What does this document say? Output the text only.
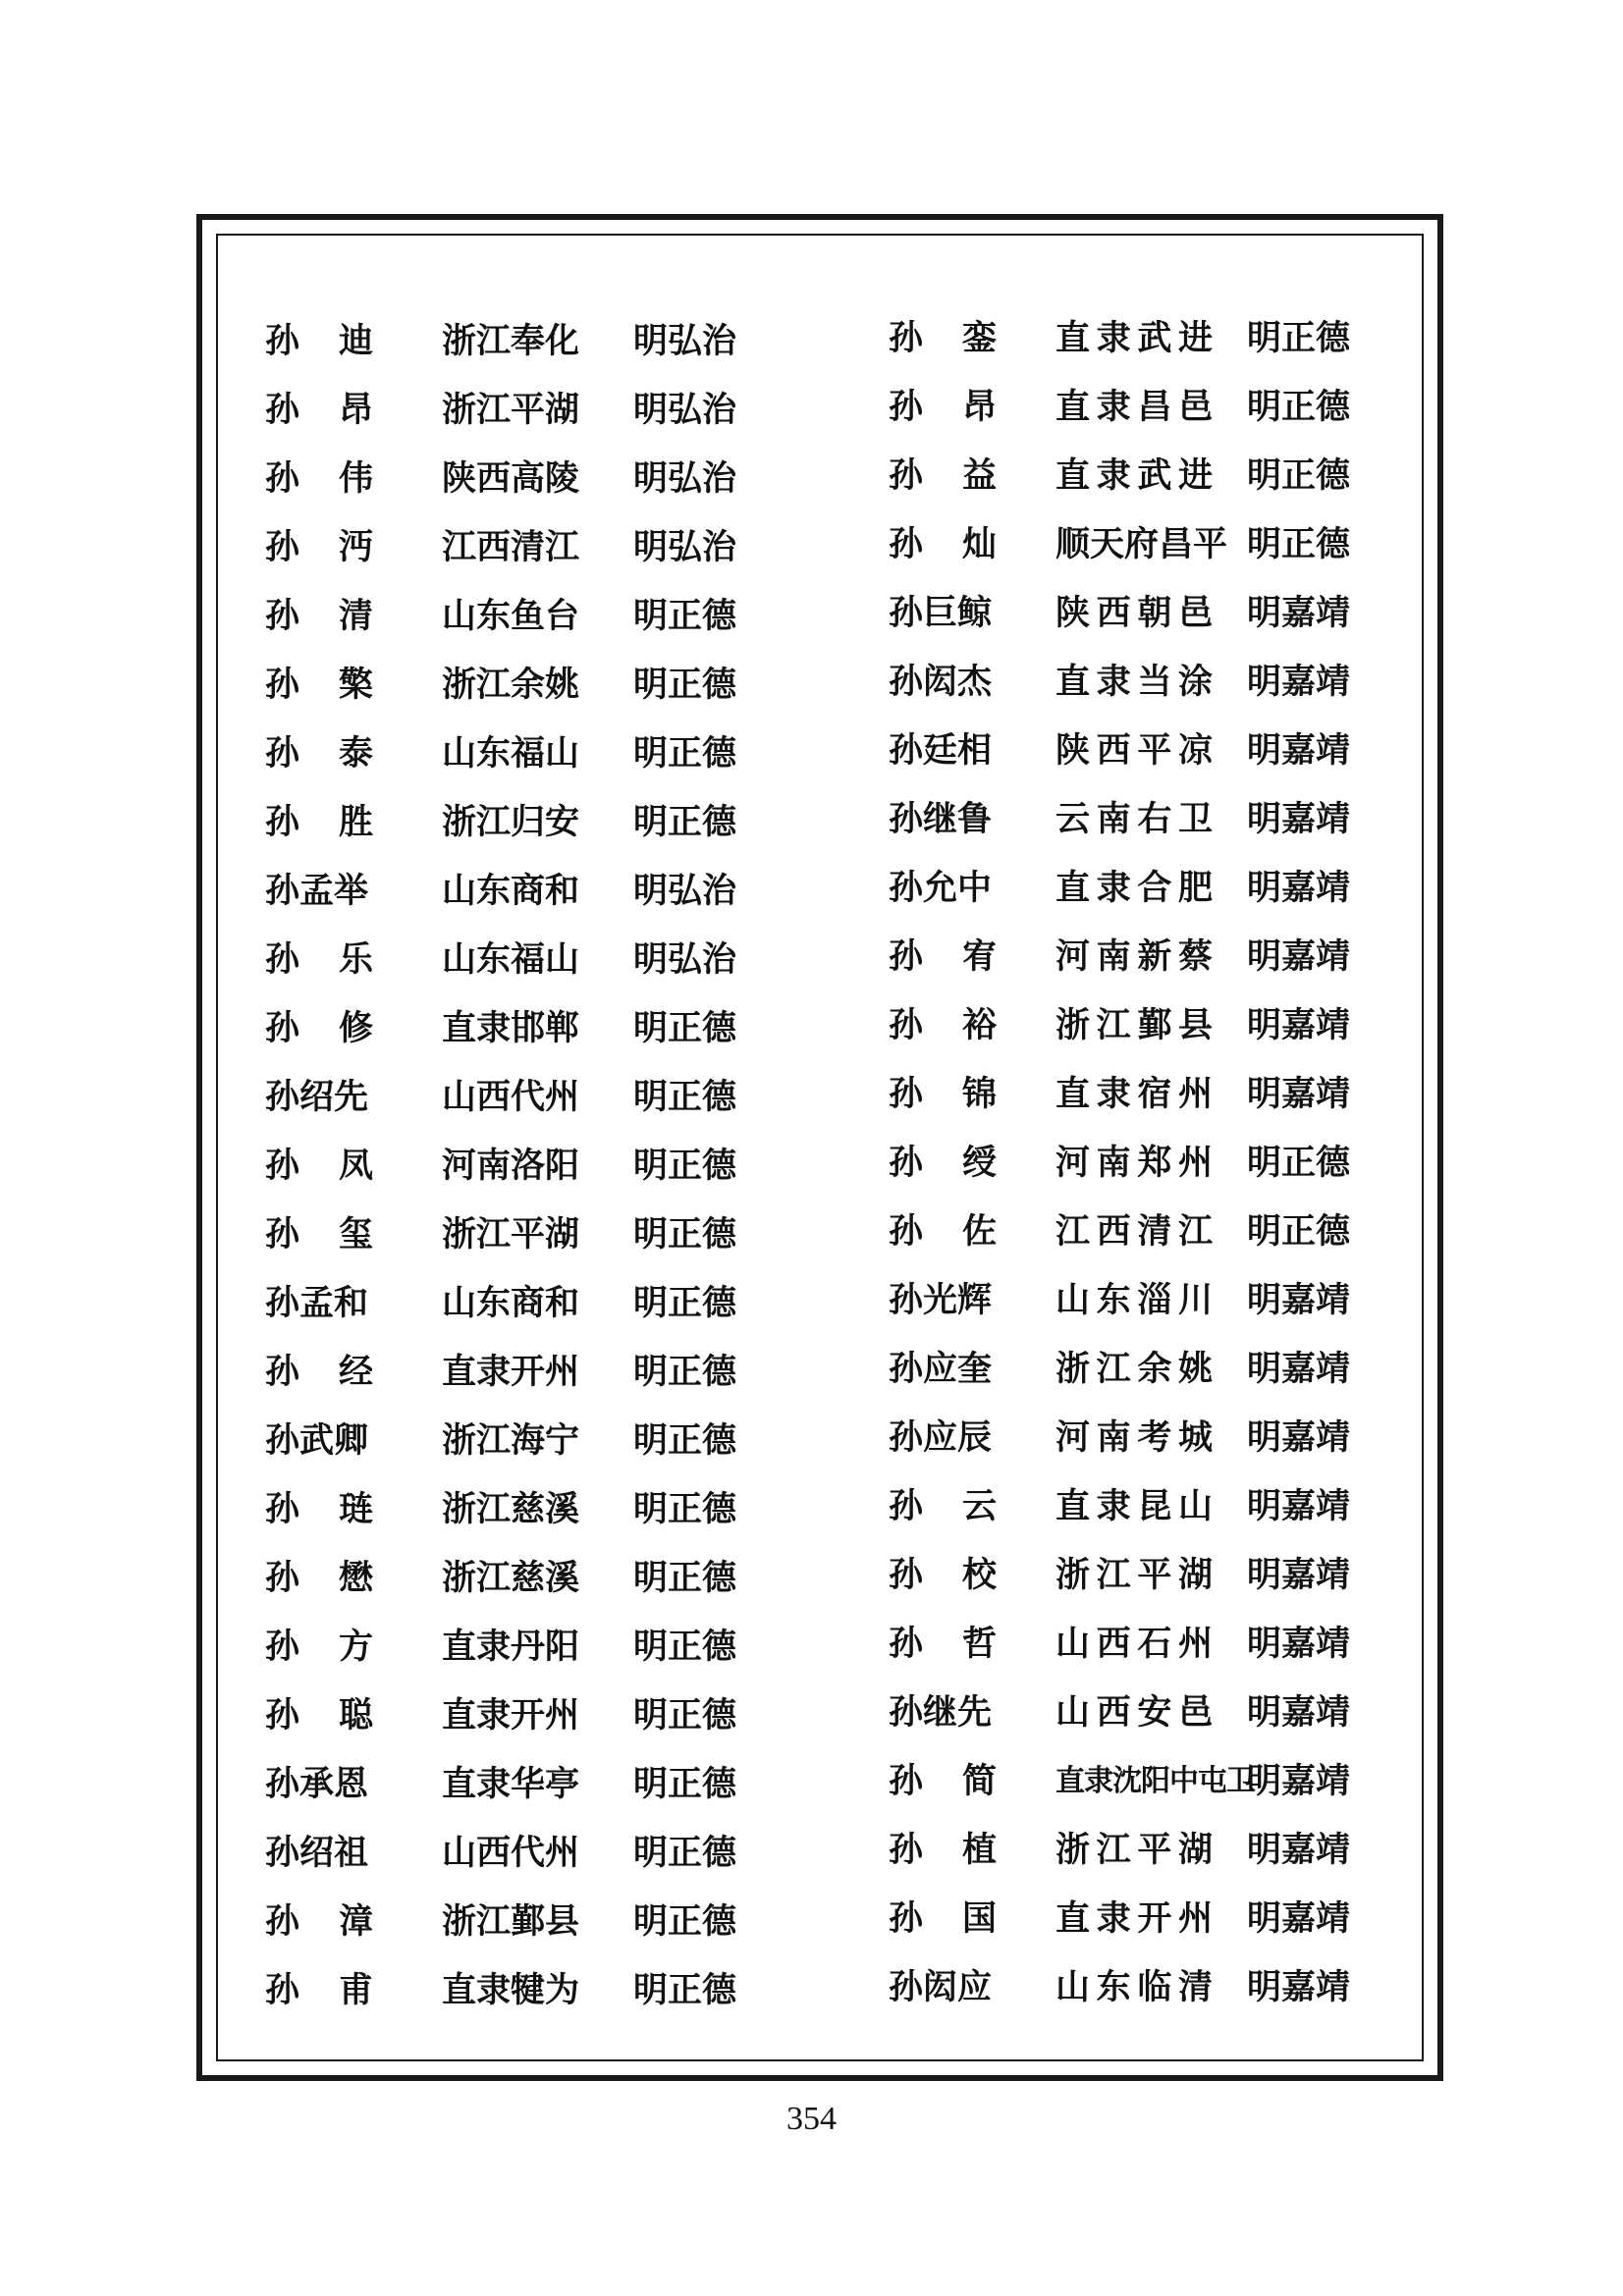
孙 迪 浙江奉化 明弘治
孙 昂 浙江平湖 明弘治
孙 伟 陕西高陵 明弘治
孙 沔 江西清江 明弘治
孙 清 山东鱼台 明正德
孙 檠 浙江余姚 明正德
孙 泰 山东福山 明正德
孙 胜 浙江归安 明正德
孙孟举 山东商和 明弘治
孙 乐 山东福山 明弘治
孙 修 直隶邯郸 明正德
孙绍先 山西代州 明正德
孙 凤 河南洛阳 明正德
孙 玺 浙江平湖 明正德
孙孟和 山东商和 明正德
孙 经 直隶开州 明正德
孙武卿 浙江海宁 明正德
孙 琏 浙江慈溪 明正德
孙 懋 浙江慈溪 明正德
孙 方 直隶丹阳 明正德
孙 聪 直隶开州 明正德
孙承恩 直隶华亭 明正德
孙绍祖 山西代州 明正德
孙 漳 浙江鄞县 明正德
孙 甫 直隶犍为 明正德
孙 銮 直 隶 武 进 明正德
孙 昂 直 隶 昌 邑 明正德
孙 益 直 隶 武 进 明正德
孙 灿 顺天府昌平 明正德
孙巨鲸 陕 西 朝 邑 明嘉靖
孙闳杰 直 隶 当 涂 明嘉靖
孙廷相 陕 西 平 凉 明嘉靖
孙继鲁 云 南 右 卫 明嘉靖
孙允中 直 隶 合 肥 明嘉靖
孙 宥 河 南 新 蔡 明嘉靖
孙 裕 浙 江 鄞 县 明嘉靖
孙 锦 直 隶 宿 州 明嘉靖
孙 绶 河 南 郑 州 明正德
孙 佐 江 西 清 江 明正德
孙光辉 山 东 淄 川 明嘉靖
孙应奎 浙 江 余 姚 明嘉靖
孙应辰 河 南 考 城 明嘉靖
孙 云 直 隶 昆 山 明嘉靖
孙 校 浙 江 平 湖 明嘉靖
孙 哲 山 西 石 州 明嘉靖
孙继先 山 西 安 邑 明嘉靖
孙 简 直隶沈阳中屯卫
明嘉靖
孙 植 浙 江 平 湖 明嘉靖
孙 国 直 隶 开 州 明嘉靖
孙闳应 山 东 临 清 明嘉靖
354
